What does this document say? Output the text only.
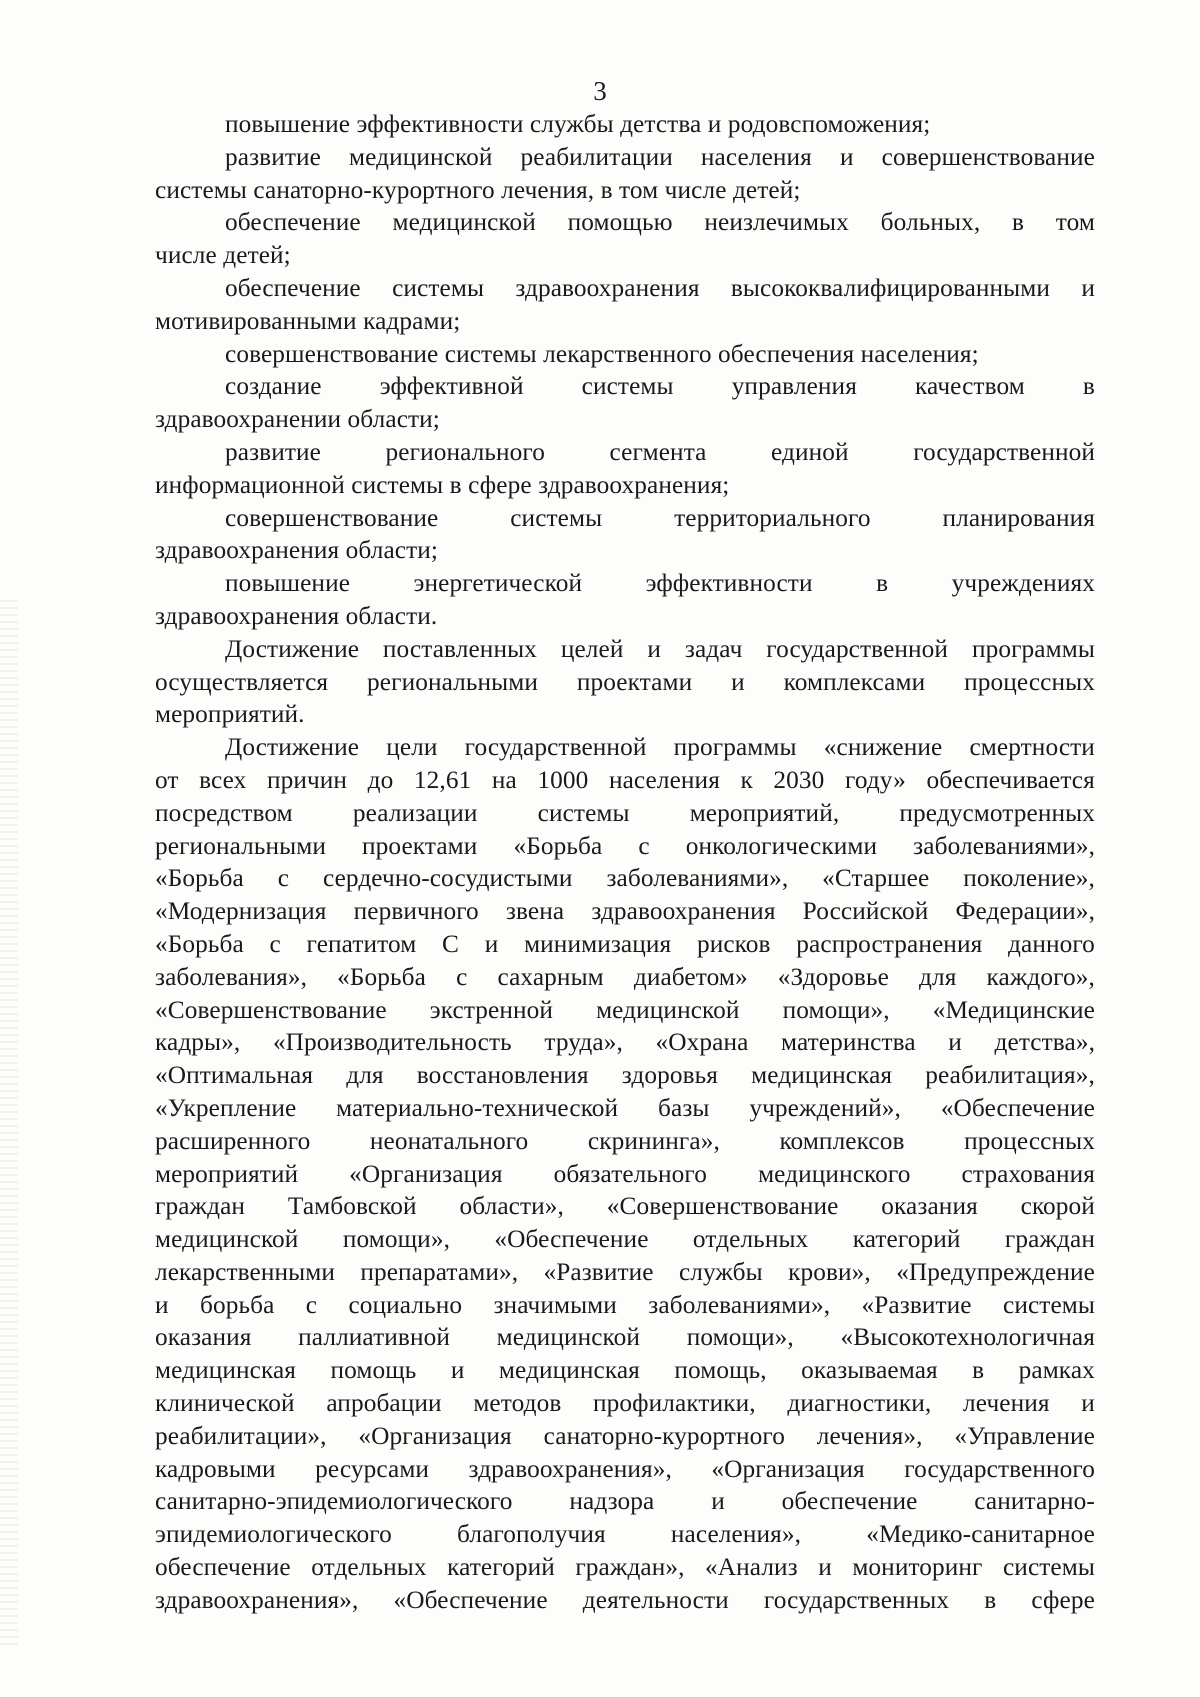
3
повышение эффективности службы детства и родовспоможения;
развитие медицинской реабилитации населения и совершенствование
системы санаторно-курортного лечения, в том числе детей;
обеспечение медицинской помощью неизлечимых больных, в том
числе детей;
обеспечение системы здравоохранения высококвалифицированными и
мотивированными кадрами;
совершенствование системы лекарственного обеспечения населения;
создание эффективной системы управления качеством в
здравоохранении области;
развитие	регионального	сегмента	единой	государственной
информационной системы в сфере здравоохранения;
совершенствование	системы	территориального	планирования
здравоохранения области;
повышение	энергетической	эффективности	в	учреждениях
здравоохранения области.
Достижение поставленных целей и задач государственной программы
осуществляется региональными проектами и комплексами процессных
мероприятий.
Достижение цели государственной программы «снижение смертности
от всех причин до 12,61 на 1000 населения к 2030 году» обеспечивается
посредством реализации системы мероприятий, предусмотренных
региональными проектами «Борьба с онкологическими заболеваниями»,
«Борьба с сердечно-сосудистыми заболеваниями», «Старшее поколение»,
«Модернизация первичного звена здравоохранения Российской Федерации»,
«Борьба с гепатитом С и минимизация рисков распространения данного
заболевания», «Борьба с сахарным диабетом» «Здоровье для каждого»,
«Совершенствование экстренной медицинской помощи», «Медицинские
кадры», «Производительность труда», «Охрана материнства и детства»,
«Оптимальная для восстановления здоровья медицинская реабилитация»,
«Укрепление материально-технической базы учреждений», «Обеспечение
расширенного неонатального скрининга», комплексов процессных
мероприятий «Организация обязательного медицинского страхования
граждан Тамбовской области», «Совершенствование оказания скорой
медицинской помощи», «Обеспечение отдельных категорий граждан
лекарственными препаратами», «Развитие службы крови», «Предупреждение
и борьба с социально значимыми заболеваниями», «Развитие системы
оказания паллиативной медицинской помощи», «Высокотехнологичная
медицинская помощь и медицинская помощь, оказываемая в рамках
клинической апробации методов профилактики, диагностики, лечения и
реабилитации», «Организация санаторно-курортного лечения», «Управление
кадровыми ресурсами здравоохранения», «Организация государственного
санитарно-эпидемиологического надзора и обеспечение санитарно-
эпидемиологического	благополучия	населения»,	«Медико-санитарное
обеспечение отдельных категорий граждан», «Анализ и мониторинг системы
здравоохранения», «Обеспечение деятельности государственных в сфере
